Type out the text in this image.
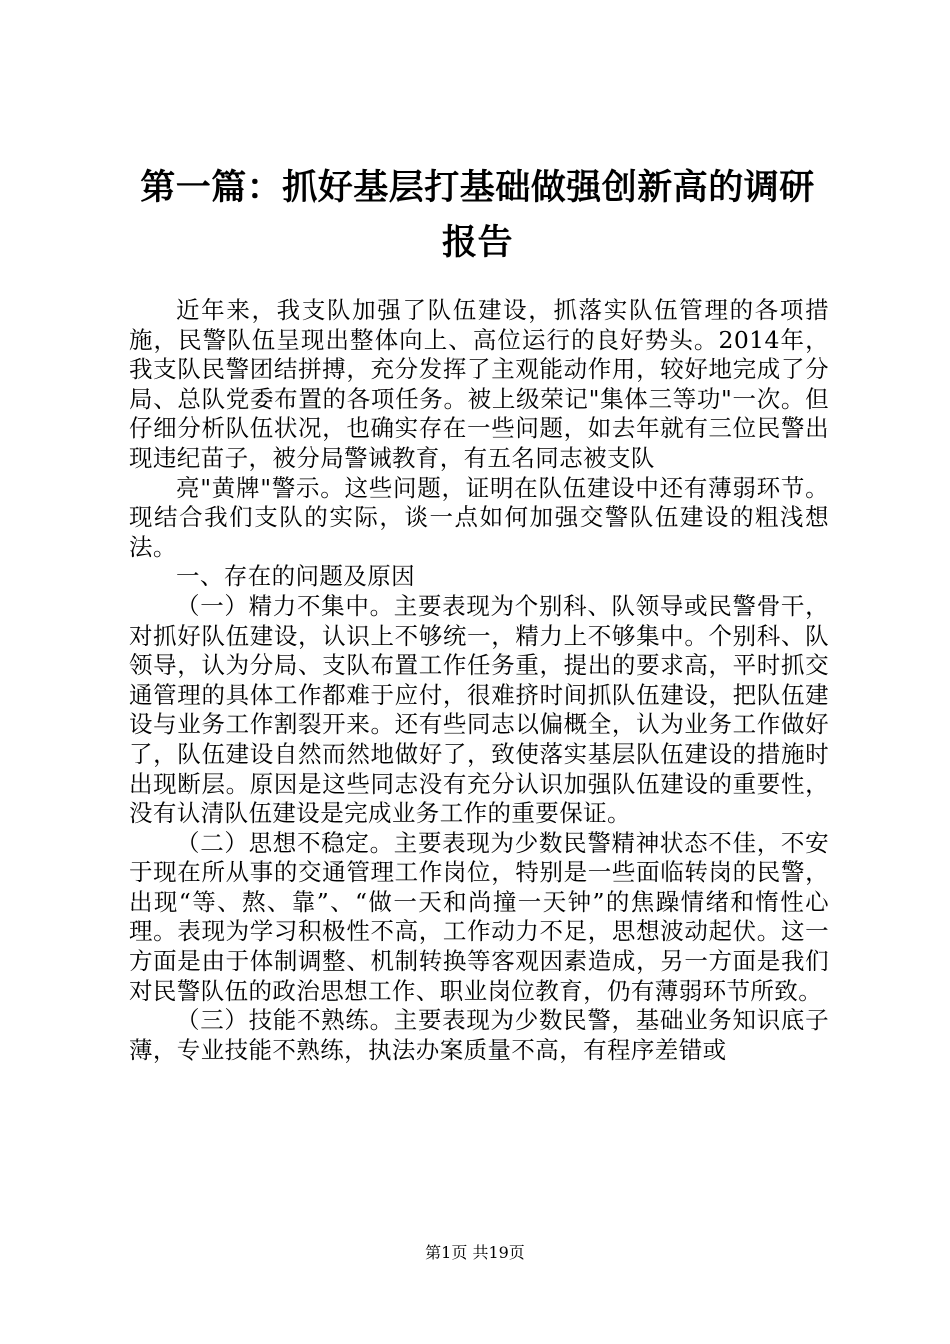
第一篇：抓好基层打基础做强创新高的调研报告

近年来，我支队加强了队伍建设，抓落实队伍管理的各项措施，民警队伍呈现出整体向上、高位运行的良好势头。2014年，我支队民警团结拼搏，充分发挥了主观能动作用，较好地完成了分局、总队党委布置的各项任务。被上级荣记"集体三等功"一次。但仔细分析队伍状况，也确实存在一些问题，如去年就有三位民警出现违纪苗子，被分局警诫教育，有五名同志被支队

亮"黄牌"警示。这些问题，证明在队伍建设中还有薄弱环节。现结合我们支队的实际，谈一点如何加强交警队伍建设的粗浅想法。

一、存在的问题及原因

（一）精力不集中。主要表现为个别科、队领导或民警骨干，对抓好队伍建设，认识上不够统一，精力上不够集中。个别科、队领导，认为分局、支队布置工作任务重，提出的要求高，平时抓交通管理的具体工作都难于应付，很难挤时间抓队伍建设，把队伍建设与业务工作割裂开来。还有些同志以偏概全，认为业务工作做好了，队伍建设自然而然地做好了，致使落实基层队伍建设的措施时出现断层。原因是这些同志没有充分认识加强队伍建设的重要性，没有认清队伍建设是完成业务工作的重要保证。

（二）思想不稳定。主要表现为少数民警精神状态不佳，不安于现在所从事的交通管理工作岗位，特别是一些面临转岗的民警，出现“等、熬、靠”、“做一天和尚撞一天钟”的焦躁情绪和惰性心理。表现为学习积极性不高，工作动力不足，思想波动起伏。这一方面是由于体制调整、机制转换等客观因素造成，另一方面是我们对民警队伍的政治思想工作、职业岗位教育，仍有薄弱环节所致。

（三）技能不熟练。主要表现为少数民警，基础业务知识底子薄，专业技能不熟练，执法办案质量不高，有程序差错或

第1页 共19页
